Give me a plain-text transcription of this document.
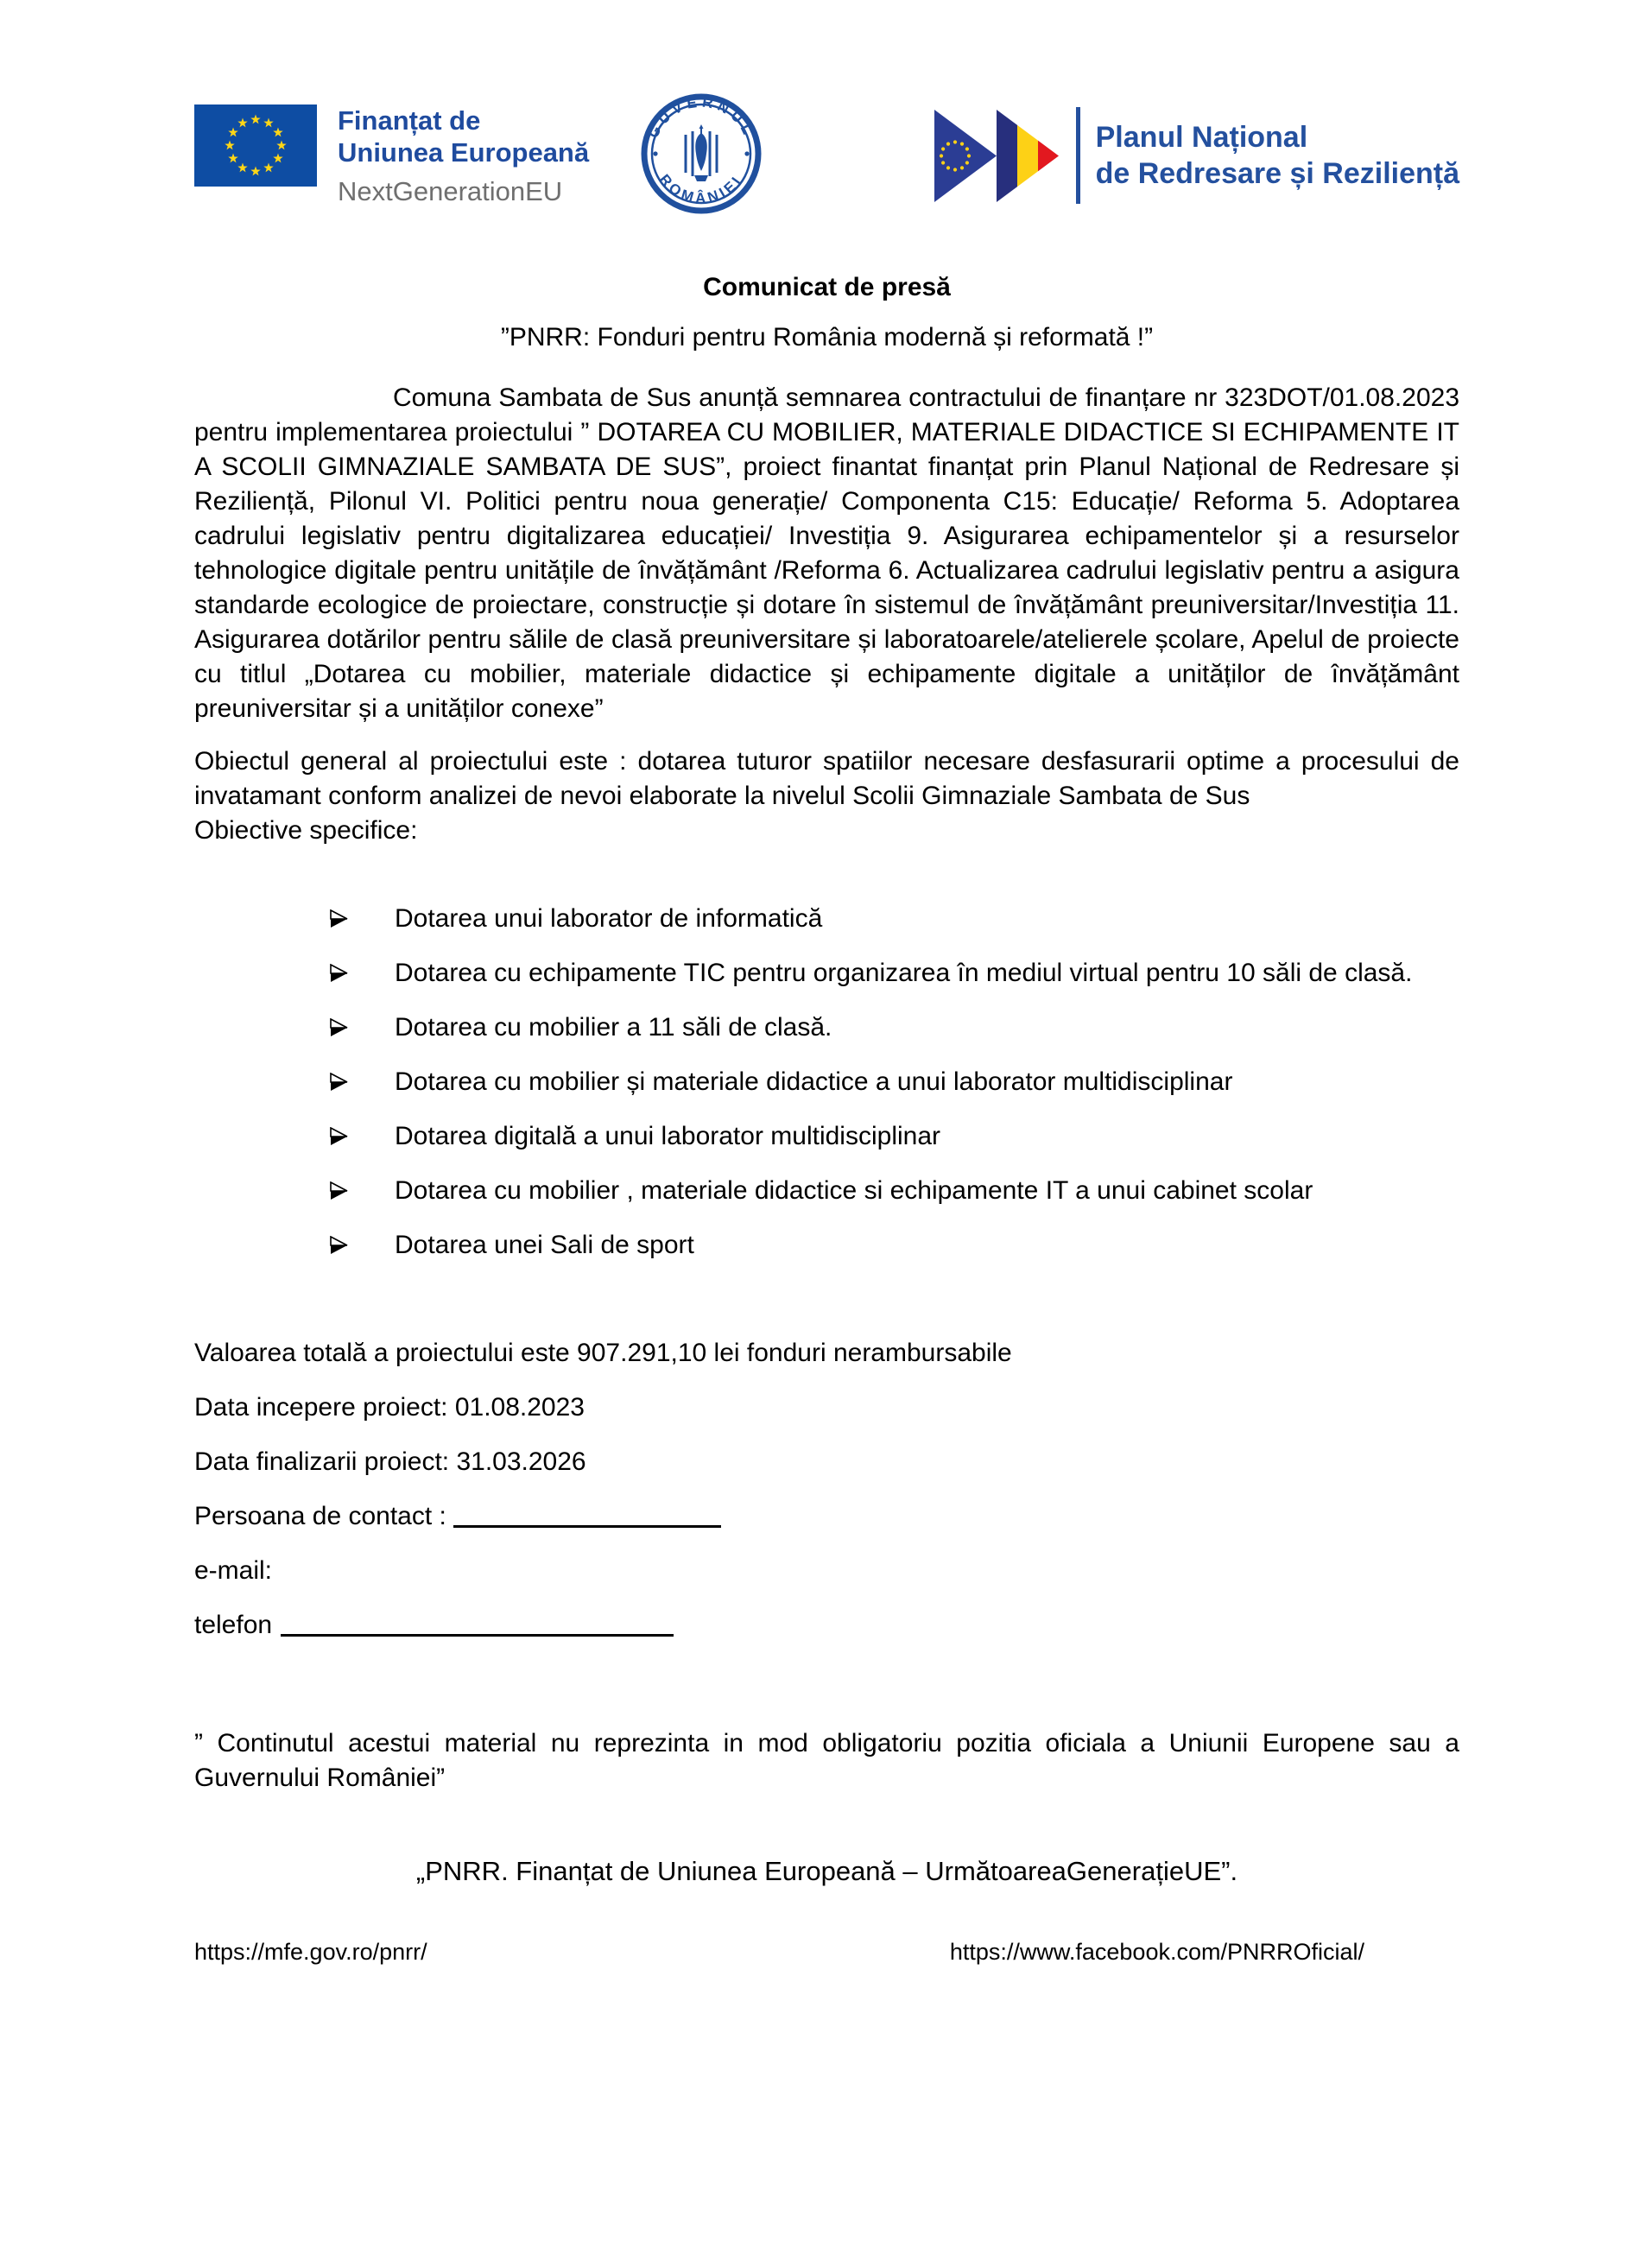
Finanțat de
Uniunea Europeană
NextGenerationEU
GUVERNUL
ROMÂNIEI
Planul Național
de Redresare și Reziliență
Comunicat de presă
”PNRR: Fonduri pentru România modernă și reformată !”
Comuna Sambata de Sus anunță semnarea contractului de finanțare nr 323DOT/01.08.2023 pentru implementarea proiectului ” DOTAREA CU MOBILIER, MATERIALE DIDACTICE SI ECHIPAMENTE IT A SCOLII GIMNAZIALE SAMBATA DE SUS”, proiect finantat finanțat prin Planul Național de Redresare și Reziliență, Pilonul VI. Politici pentru noua generație/ Componenta C15: Educație/ Reforma 5. Adoptarea cadrului legislativ pentru digitalizarea educației/ Investiția 9. Asigurarea echipamentelor și a resurselor tehnologice digitale pentru unitățile de învățământ /Reforma 6. Actualizarea cadrului legislativ pentru a asigura standarde ecologice de proiectare, construcție și dotare în sistemul de învățământ preuniversitar/Investiția 11. Asigurarea dotărilor pentru sălile de clasă preuniversitare și laboratoarele/atelierele școlare, Apelul de proiecte cu titlul „Dotarea cu mobilier, materiale didactice și echipamente digitale a unităților de învățământ preuniversitar și a unităților conexe”
Obiectul general al proiectului este : dotarea tuturor spatiilor necesare desfasurarii optime a procesului de invatamant conform analizei de nevoi elaborate la nivelul Scolii Gimnaziale Sambata de Sus
Obiective specifice:
Dotarea unui laborator de informatică
Dotarea cu echipamente TIC pentru organizarea în mediul virtual pentru 10 săli de clasă.
Dotarea cu mobilier a 11 săli de clasă.
Dotarea cu mobilier și materiale didactice a unui laborator multidisciplinar
Dotarea digitală a unui laborator multidisciplinar
Dotarea cu mobilier , materiale didactice si echipamente IT a unui cabinet scolar
Dotarea unei Sali de sport
Valoarea totală a proiectului este 907.291,10 lei fonduri nerambursabile
Data incepere proiect: 01.08.2023
Data finalizarii proiect: 31.03.2026
Persoana de contact :
e-mail:
telefon
” Continutul acestui material nu reprezinta in mod obligatoriu pozitia oficiala a Uniunii Europene sau a Guvernului României”
„PNRR. Finanțat de Uniunea Europeană – UrmătoareaGenerațieUE”.
https://mfe.gov.ro/pnrr/	https://www.facebook.com/PNRROficial/
